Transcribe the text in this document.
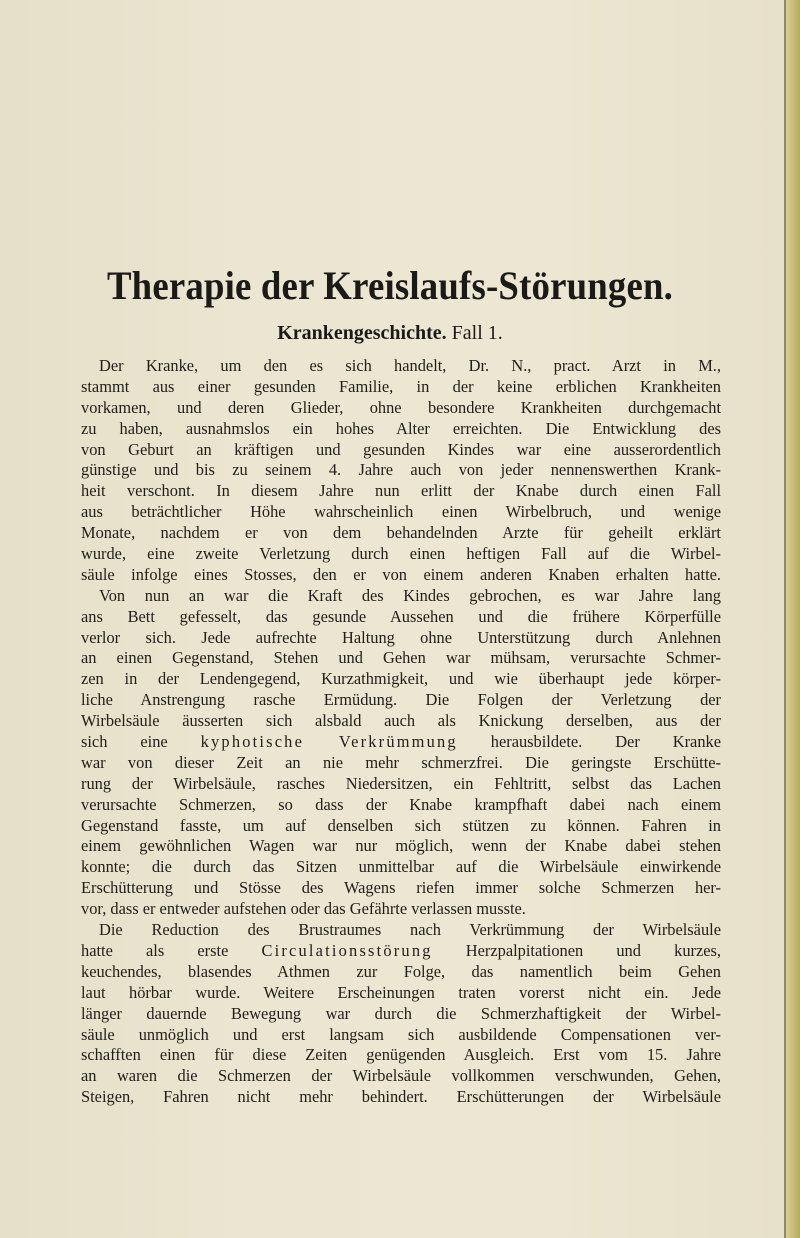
Therapie der Kreislaufs-Störungen.
Krankengeschichte. Fall 1.
Der Kranke, um den es sich handelt, Dr. N., pract. Arzt in M.,
stammt aus einer gesunden Familie, in der keine erblichen Krankheiten
vorkamen, und deren Glieder, ohne besondere Krankheiten durchgemacht
zu haben, ausnahmslos ein hohes Alter erreichten. Die Entwicklung des
von Geburt an kräftigen und gesunden Kindes war eine ausserordentlich
günstige und bis zu seinem 4. Jahre auch von jeder nennenswerthen Krank-
heit verschont. In diesem Jahre nun erlitt der Knabe durch einen Fall
aus beträchtlicher Höhe wahrscheinlich einen Wirbelbruch, und wenige
Monate, nachdem er von dem behandelnden Arzte für geheilt erklärt
wurde, eine zweite Verletzung durch einen heftigen Fall auf die Wirbel-
säule infolge eines Stosses, den er von einem anderen Knaben erhalten hatte.
Von nun an war die Kraft des Kindes gebrochen, es war Jahre lang
ans Bett gefesselt, das gesunde Aussehen und die frühere Körperfülle
verlor sich. Jede aufrechte Haltung ohne Unterstützung durch Anlehnen
an einen Gegenstand, Stehen und Gehen war mühsam, verursachte Schmer-
zen in der Lendengegend, Kurzathmigkeit, und wie überhaupt jede körper-
liche Anstrengung rasche Ermüdung. Die Folgen der Verletzung der
Wirbelsäule äusserten sich alsbald auch als Knickung derselben, aus der
sich eine kyphotische Verkrümmung herausbildete. Der Kranke
war von dieser Zeit an nie mehr schmerzfrei. Die geringste Erschütte-
rung der Wirbelsäule, rasches Niedersitzen, ein Fehltritt, selbst das Lachen
verursachte Schmerzen, so dass der Knabe krampfhaft dabei nach einem
Gegenstand fasste, um auf denselben sich stützen zu können. Fahren in
einem gewöhnlichen Wagen war nur möglich, wenn der Knabe dabei stehen
konnte; die durch das Sitzen unmittelbar auf die Wirbelsäule einwirkende
Erschütterung und Stösse des Wagens riefen immer solche Schmerzen her-
vor, dass er entweder aufstehen oder das Gefährte verlassen musste.
Die Reduction des Brustraumes nach Verkrümmung der Wirbelsäule
hatte als erste Circulationsstörung Herzpalpitationen und kurzes,
keuchendes, blasendes Athmen zur Folge, das namentlich beim Gehen
laut hörbar wurde. Weitere Erscheinungen traten vorerst nicht ein. Jede
länger dauernde Bewegung war durch die Schmerzhaftigkeit der Wirbel-
säule unmöglich und erst langsam sich ausbildende Compensationen ver-
schafften einen für diese Zeiten genügenden Ausgleich. Erst vom 15. Jahre
an waren die Schmerzen der Wirbelsäule vollkommen verschwunden, Gehen,
Steigen, Fahren nicht mehr behindert. Erschütterungen der Wirbelsäule
